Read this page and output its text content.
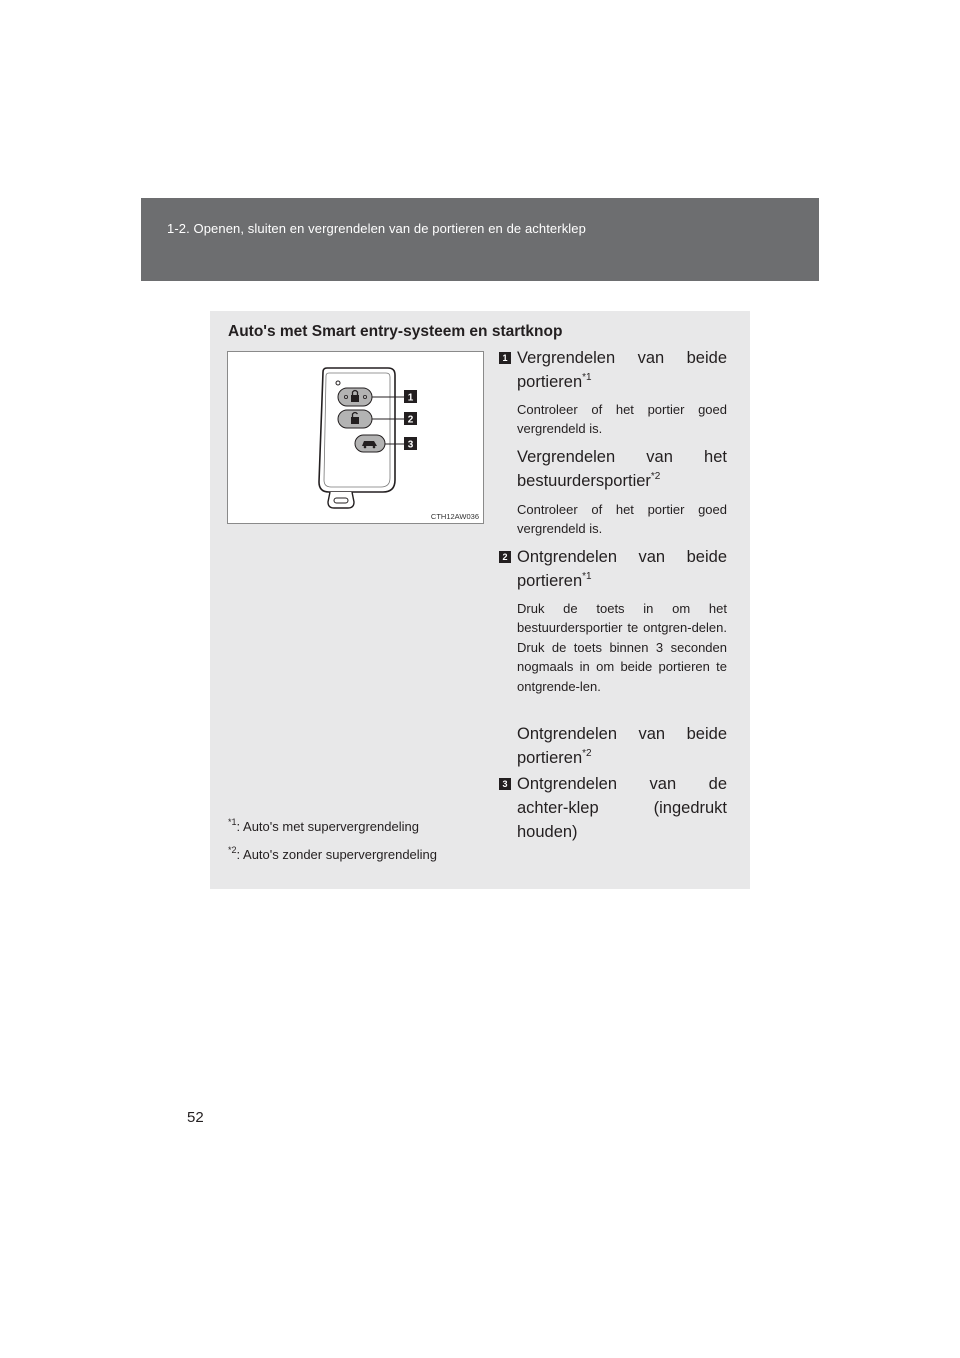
1-2. Openen, sluiten en vergrendelen van de portieren en de achterklep
Auto's met Smart entry-systeem en startknop
1
2
3
CTH12AW036
1 Vergrendelen van beide portieren$^{*1}$
Controleer of het portier goed vergrendeld is.
Vergrendelen van het bestuurdersportier$^{*2}$
Controleer of het portier goed vergrendeld is.
2 Ontgrendelen van beide portieren$^{*1}$
Druk de toets in om het bestuurdersportier te ontgren-delen. Druk de toets binnen 3 seconden nogmaals in om beide portieren te ontgrende-len.
Ontgrendelen van beide portieren$^{*2}$
3 Ontgrendelen van de achter-klep (ingedrukt houden)
$^{*1}$: Auto's met supervergrendeling
$^{*2}$: Auto's zonder supervergrendeling
52
